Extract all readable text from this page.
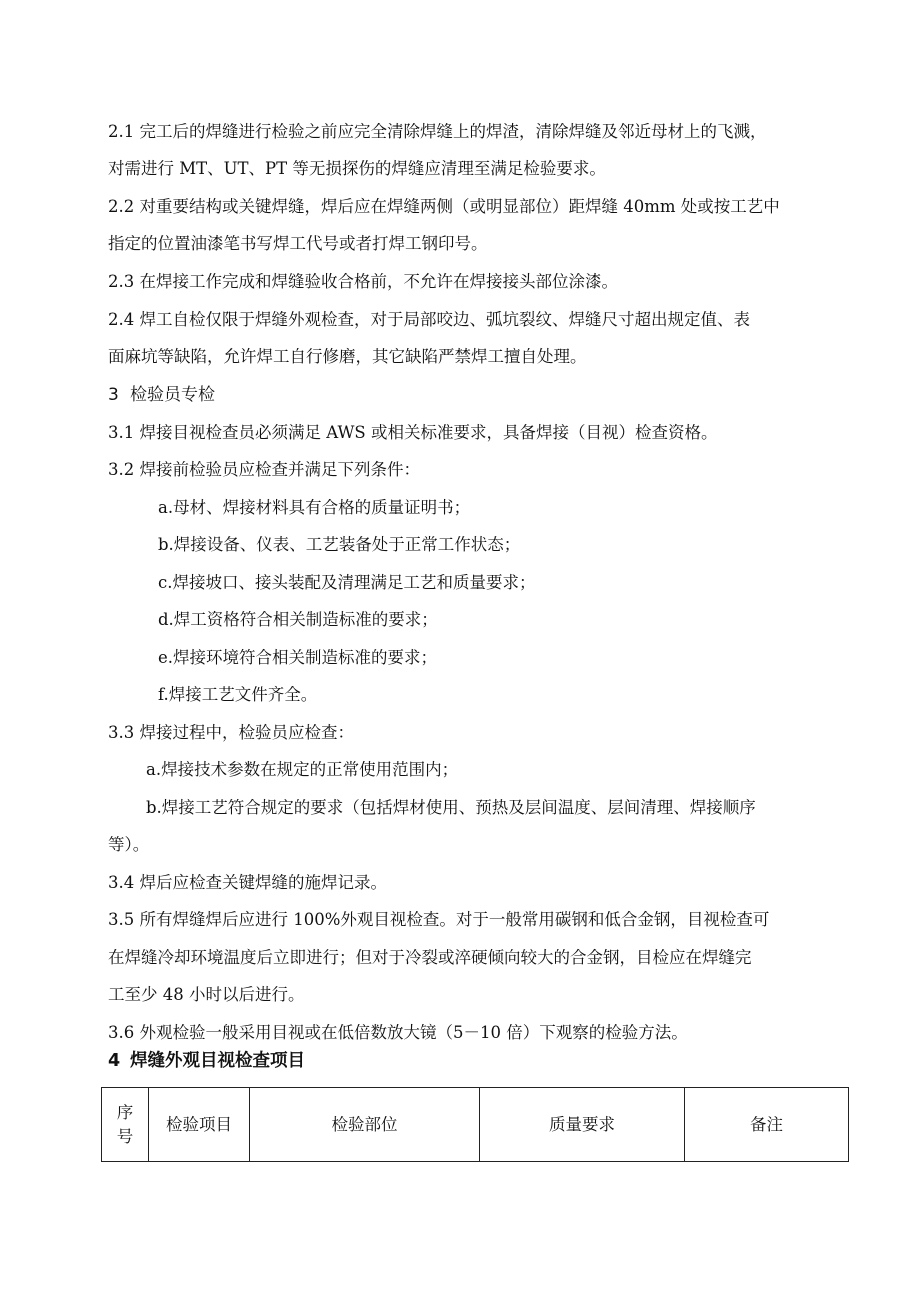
2.1 完工后的焊缝进行检验之前应完全清除焊缝上的焊渣，清除焊缝及邻近母材上的飞溅，
对需进行 MT、UT、PT 等无损探伤的焊缝应清理至满足检验要求。
2.2 对重要结构或关键焊缝，焊后应在焊缝两侧（或明显部位）距焊缝 40mm 处或按工艺中
指定的位置油漆笔书写焊工代号或者打焊工钢印号。
2.3 在焊接工作完成和焊缝验收合格前，不允许在焊接接头部位涂漆。
2.4 焊工自检仅限于焊缝外观检查，对于局部咬边、弧坑裂纹、焊缝尺寸超出规定值、表
面麻坑等缺陷，允许焊工自行修磨，其它缺陷严禁焊工擅自处理。
3 检验员专检
3.1 焊接目视检查员必须满足 AWS 或相关标准要求，具备焊接（目视）检查资格。
3.2 焊接前检验员应检查并满足下列条件：
a.母材、焊接材料具有合格的质量证明书；
b.焊接设备、仪表、工艺装备处于正常工作状态；
c.焊接坡口、接头装配及清理满足工艺和质量要求；
d.焊工资格符合相关制造标准的要求；
e.焊接环境符合相关制造标准的要求；
f.焊接工艺文件齐全。
3.3 焊接过程中，检验员应检查：
a.焊接技术参数在规定的正常使用范围内；
b.焊接工艺符合规定的要求（包括焊材使用、预热及层间温度、层间清理、焊接顺序
等）。
3.4 焊后应检查关键焊缝的施焊记录。
3.5 所有焊缝焊后应进行 100%外观目视检查。对于一般常用碳钢和低合金钢，目视检查可
在焊缝冷却环境温度后立即进行；但对于冷裂或淬硬倾向较大的合金钢，目检应在焊缝完
工至少 48 小时以后进行。
3.6 外观检验一般采用目视或在低倍数放大镜（5－10 倍）下观察的检验方法。
4 焊缝外观目视检查项目
序
号
	检验项目	检验部位	质量要求	备注
